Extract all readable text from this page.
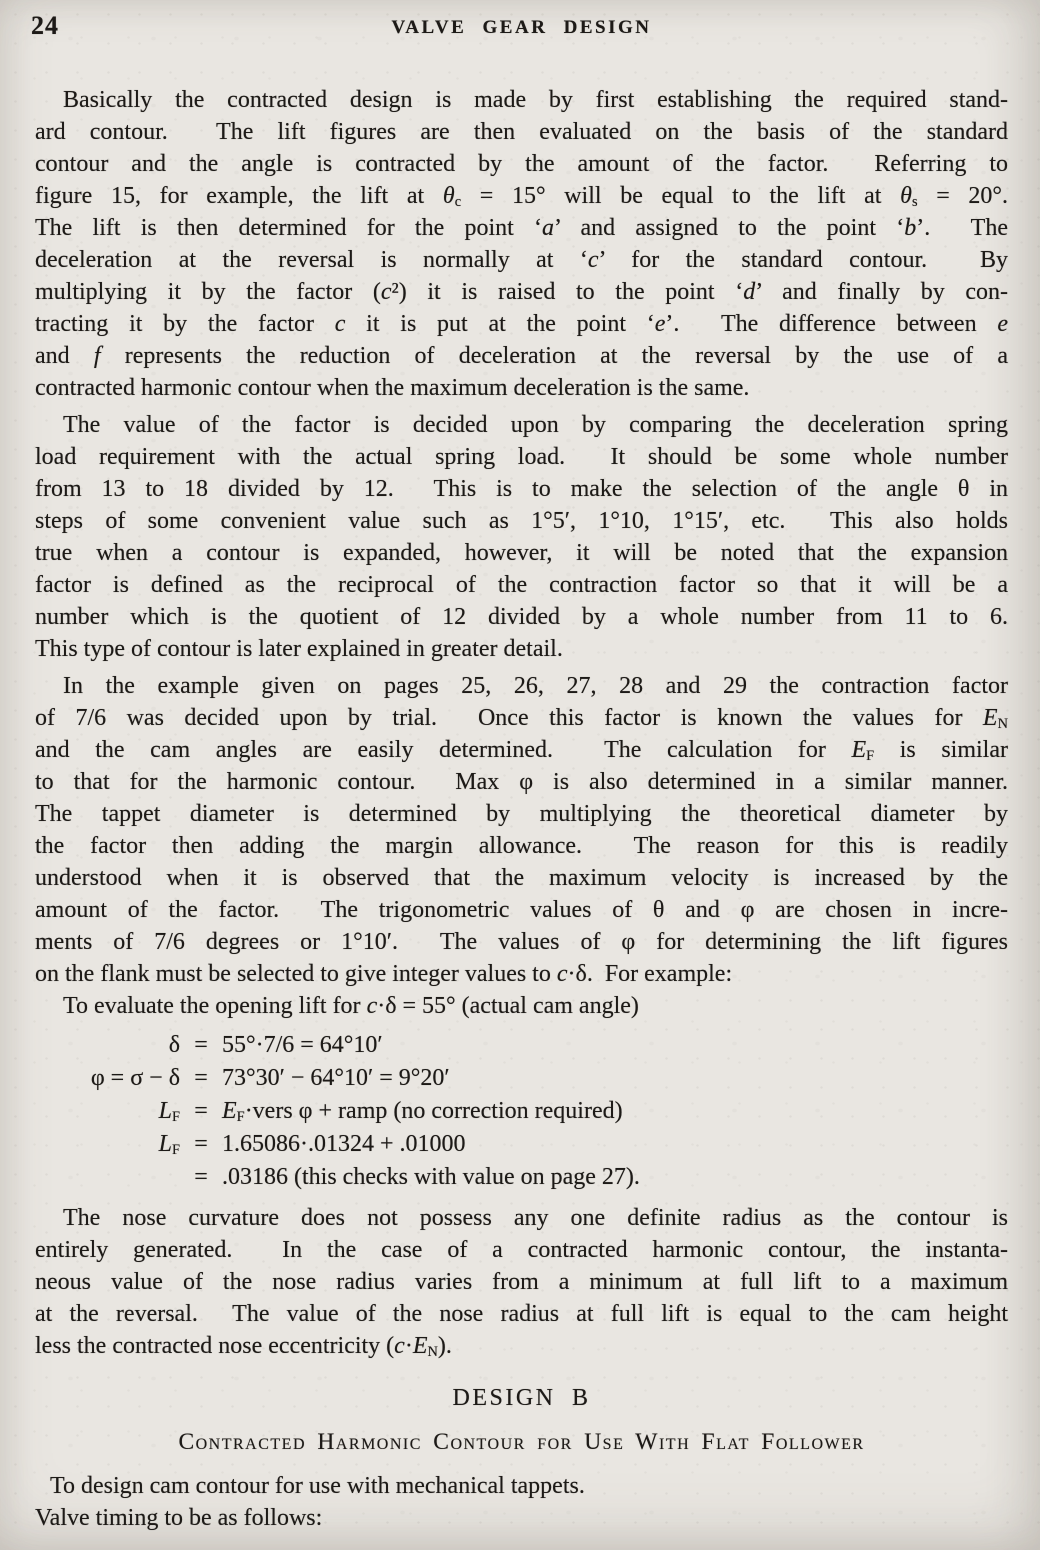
24	VALVE GEAR DESIGN
Basically the contracted design is made by first establishing the required stand-
ard contour.  The lift figures are then evaluated on the basis of the standard
contour and the angle is contracted by the amount of the factor.  Referring to
figure 15, for example, the lift at $\theta_c = 15^\circ$ will be equal to the lift at $\theta_s = 20^\circ$.
The lift is then determined for the point ‘a’ and assigned to the point ‘b’.  The
deceleration at the reversal is normally at ‘c’ for the standard contour.  By
multiplying it by the factor (c²) it is raised to the point ‘d’ and finally by con-
tracting it by the factor c it is put at the point ‘e’.  The difference between e
and f represents the reduction of deceleration at the reversal by the use of a
contracted harmonic contour when the maximum deceleration is the same.
The value of the factor is decided upon by comparing the deceleration spring
load requirement with the actual spring load.  It should be some whole number
from 13 to 18 divided by 12.  This is to make the selection of the angle θ in
steps of some convenient value such as 1°5′, 1°10, 1°15′, etc.  This also holds
true when a contour is expanded, however, it will be noted that the expansion
factor is defined as the reciprocal of the contraction factor so that it will be a
number which is the quotient of 12 divided by a whole number from 11 to 6.
This type of contour is later explained in greater detail.
In the example given on pages 25, 26, 27, 28 and 29 the contraction factor
of 7/6 was decided upon by trial.  Once this factor is known the values for $E_N$
and the cam angles are easily determined.  The calculation for $E_F$ is similar
to that for the harmonic contour.  Max φ is also determined in a similar manner.
The tappet diameter is determined by multiplying the theoretical diameter by
the factor then adding the margin allowance.  The reason for this is readily
understood when it is observed that the maximum velocity is increased by the
amount of the factor.  The trigonometric values of θ and φ are chosen in incre-
ments of 7/6 degrees or 1°10′.  The values of φ for determining the lift figures
on the flank must be selected to give integer values to c·δ.  For example:
To evaluate the opening lift for c·δ = 55° (actual cam angle)
δ = 55°·7/6 = 64°10′
φ = σ − δ = 73°30′ − 64°10′ = 9°20′
$L_F$ = $E_F\cdot vers$ φ + ramp (no correction required)
$L_F = 1.65086\cdot.01324 + .01000$
= .03186 (this checks with value on page 27).
The nose curvature does not possess any one definite radius as the contour is
entirely generated.  In the case of a contracted harmonic contour, the instanta-
neous value of the nose radius varies from a minimum at full lift to a maximum
at the reversal.  The value of the nose radius at full lift is equal to the cam height
less the contracted nose eccentricity $(c\cdot E_N)$.
DESIGN B
Contracted Harmonic Contour for Use With Flat Follower
To design cam contour for use with mechanical tappets.
Valve timing to be as follows:
